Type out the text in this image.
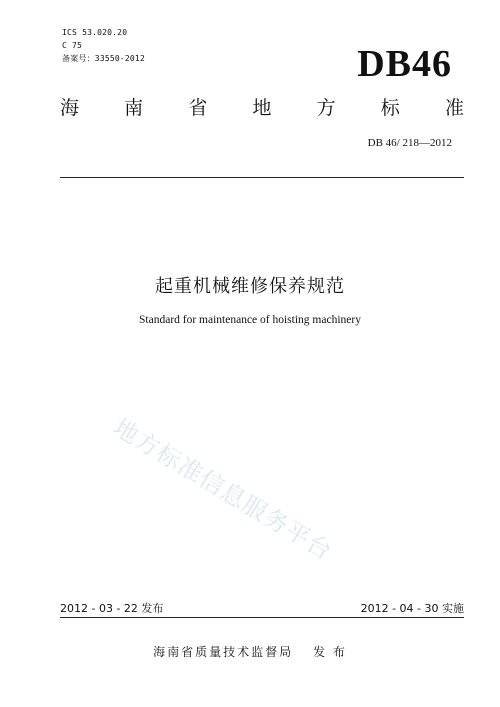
ICS 53.020.20
C 75
备案号：33550-2012	DB46
海 南 省 地 方 标 准
DB 46/ 218—2012
起重机械维修保养规范
Standard for maintenance of hoisting machinery
地方标准信息服务平台
2012 - 03 - 22 发布	2012 - 04 - 30 实施
海南省质量技术监督局 发 布
